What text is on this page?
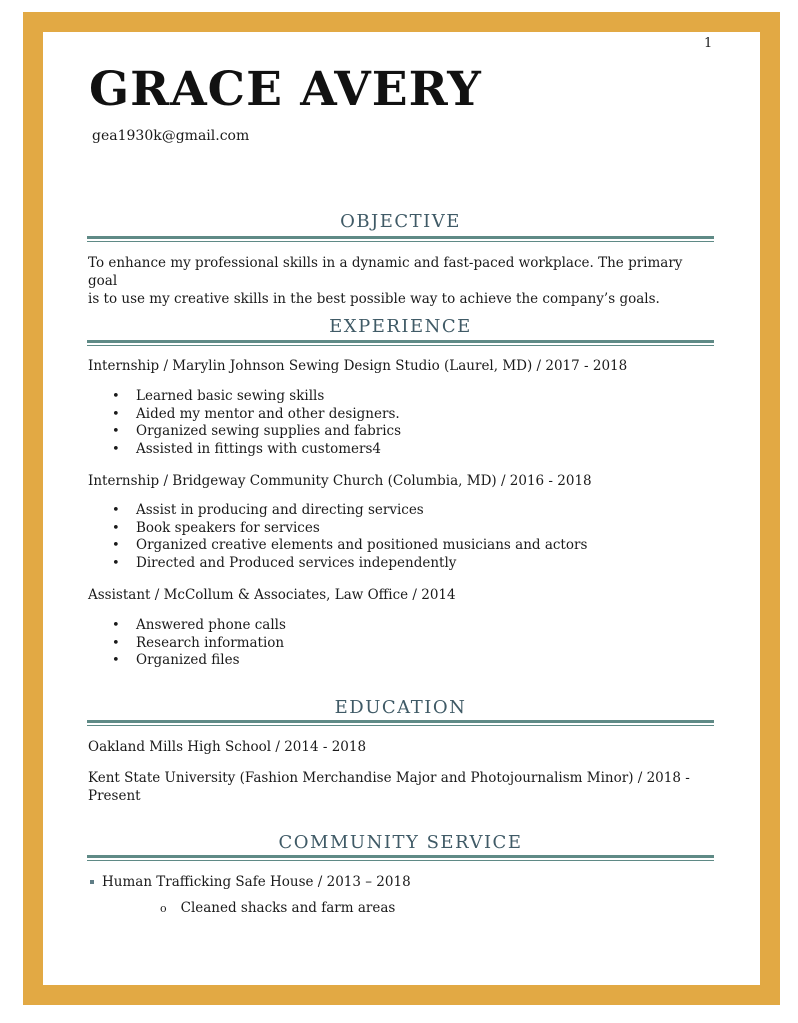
1
GRACE AVERY
gea1930k@gmail.com
OBJECTIVE
To enhance my professional skills in a dynamic and fast-paced workplace. The primary goal
is to use my creative skills in the best possible way to achieve the company’s goals.
EXPERIENCE
Internship / Marylin Johnson Sewing Design Studio (Laurel, MD) / 2017 - 2018
• Learned basic sewing skills
• Aided my mentor and other designers.
• Organized sewing supplies and fabrics
• Assisted in fittings with customers4
Internship / Bridgeway Community Church (Columbia, MD) / 2016 - 2018
• Assist in producing and directing services
• Book speakers for services
• Organized creative elements and positioned musicians and actors
• Directed and Produced services independently
Assistant / McCollum & Associates, Law Office / 2014
• Answered phone calls
• Research information
• Organized files
EDUCATION
Oakland Mills High School / 2014 - 2018
Kent State University (Fashion Merchandise Major and Photojournalism Minor) / 2018 -
Present
COMMUNITY SERVICE
Human Trafficking Safe House / 2013 – 2018
o Cleaned shacks and farm areas
